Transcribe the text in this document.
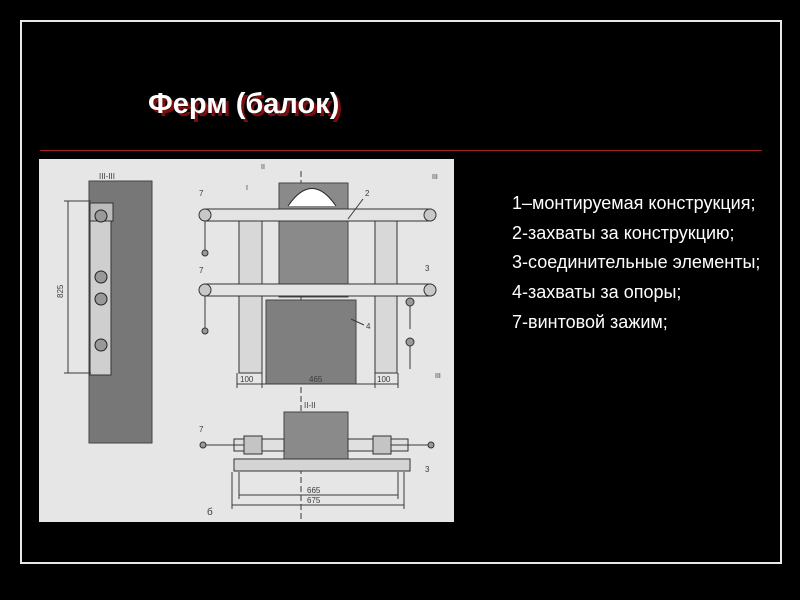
Ферм (балок)
III-III
825
II
III
I
7
7
2
3
4
100	465	100	III
II-II
7
3
665
675
б
1–монтируемая конструкция;
2-захваты за конструкцию;
3-соединительные элементы;
4-захваты за опоры;
7-винтовой зажим;
